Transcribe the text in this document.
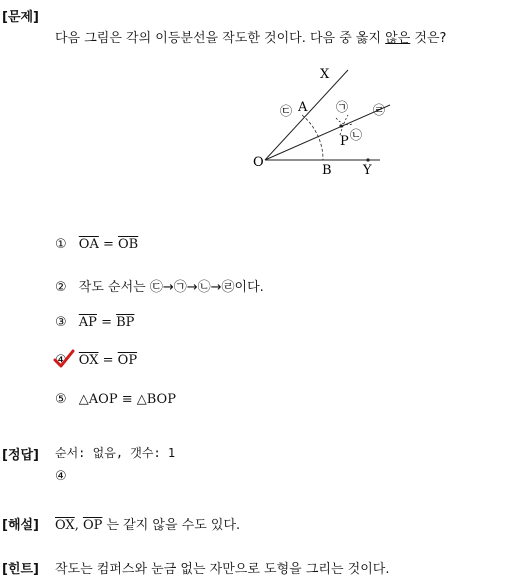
[문제]
다음 그림은 각의 이등분선을 작도한 것이다. 다음 중 옳지 않은 것은?
X
A
O
B Y
P
㉢	㉠
㉡
㉣
① $\overline{OA} = \overline{OB}$
② 작도 순서는 ㉢→㉠→㉡→㉣이다.
③ $\overline{AP} = \overline{BP}$
④ $\overline{OX} = \overline{OP}$
⑤ △AOP ≡ △BOP
[정답] 순서: 없음, 갯수: 1
④
[해설] $\overline{OX}$, $\overline{OP}$ 는 같지 않을 수도 있다.
[힌트] 작도는 컴퍼스와 눈금 없는 자만으로 도형을 그리는 것이다.
